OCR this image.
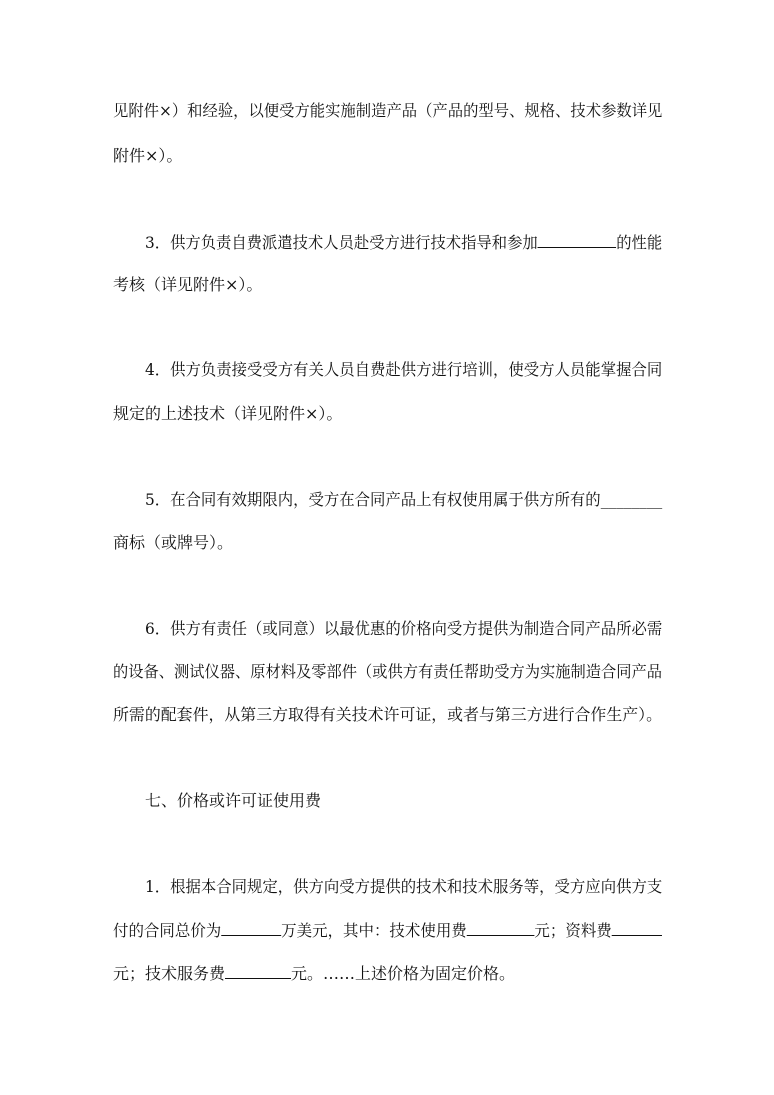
见附件×）和经验，以便受方能实施制造产品（产品的型号、规格、技术参数详见
附件×）。
3．供方负责自费派遣技术人员赴受方进行技术指导和参加	的性能
考核（详见附件×）。
4．供方负责接受受方有关人员自费赴供方进行培训，使受方人员能掌握合同
规定的上述技术（详见附件×）。
5．在合同有效期限内，受方在合同产品上有权使用属于供方所有的________
商标（或牌号）。
6．供方有责任（或同意）以最优惠的价格向受方提供为制造合同产品所必需
的设备、测试仪器、原材料及零部件（或供方有责任帮助受方为实施制造合同产品
所需的配套件，从第三方取得有关技术许可证，或者与第三方进行合作生产）。
七、价格或许可证使用费
1．根据本合同规定，供方向受方提供的技术和技术服务等，受方应向供方支
付的合同总价为	万美元，其中：技术使用费	元；资料费
元；技术服务费	元。……上述价格为固定价格。
